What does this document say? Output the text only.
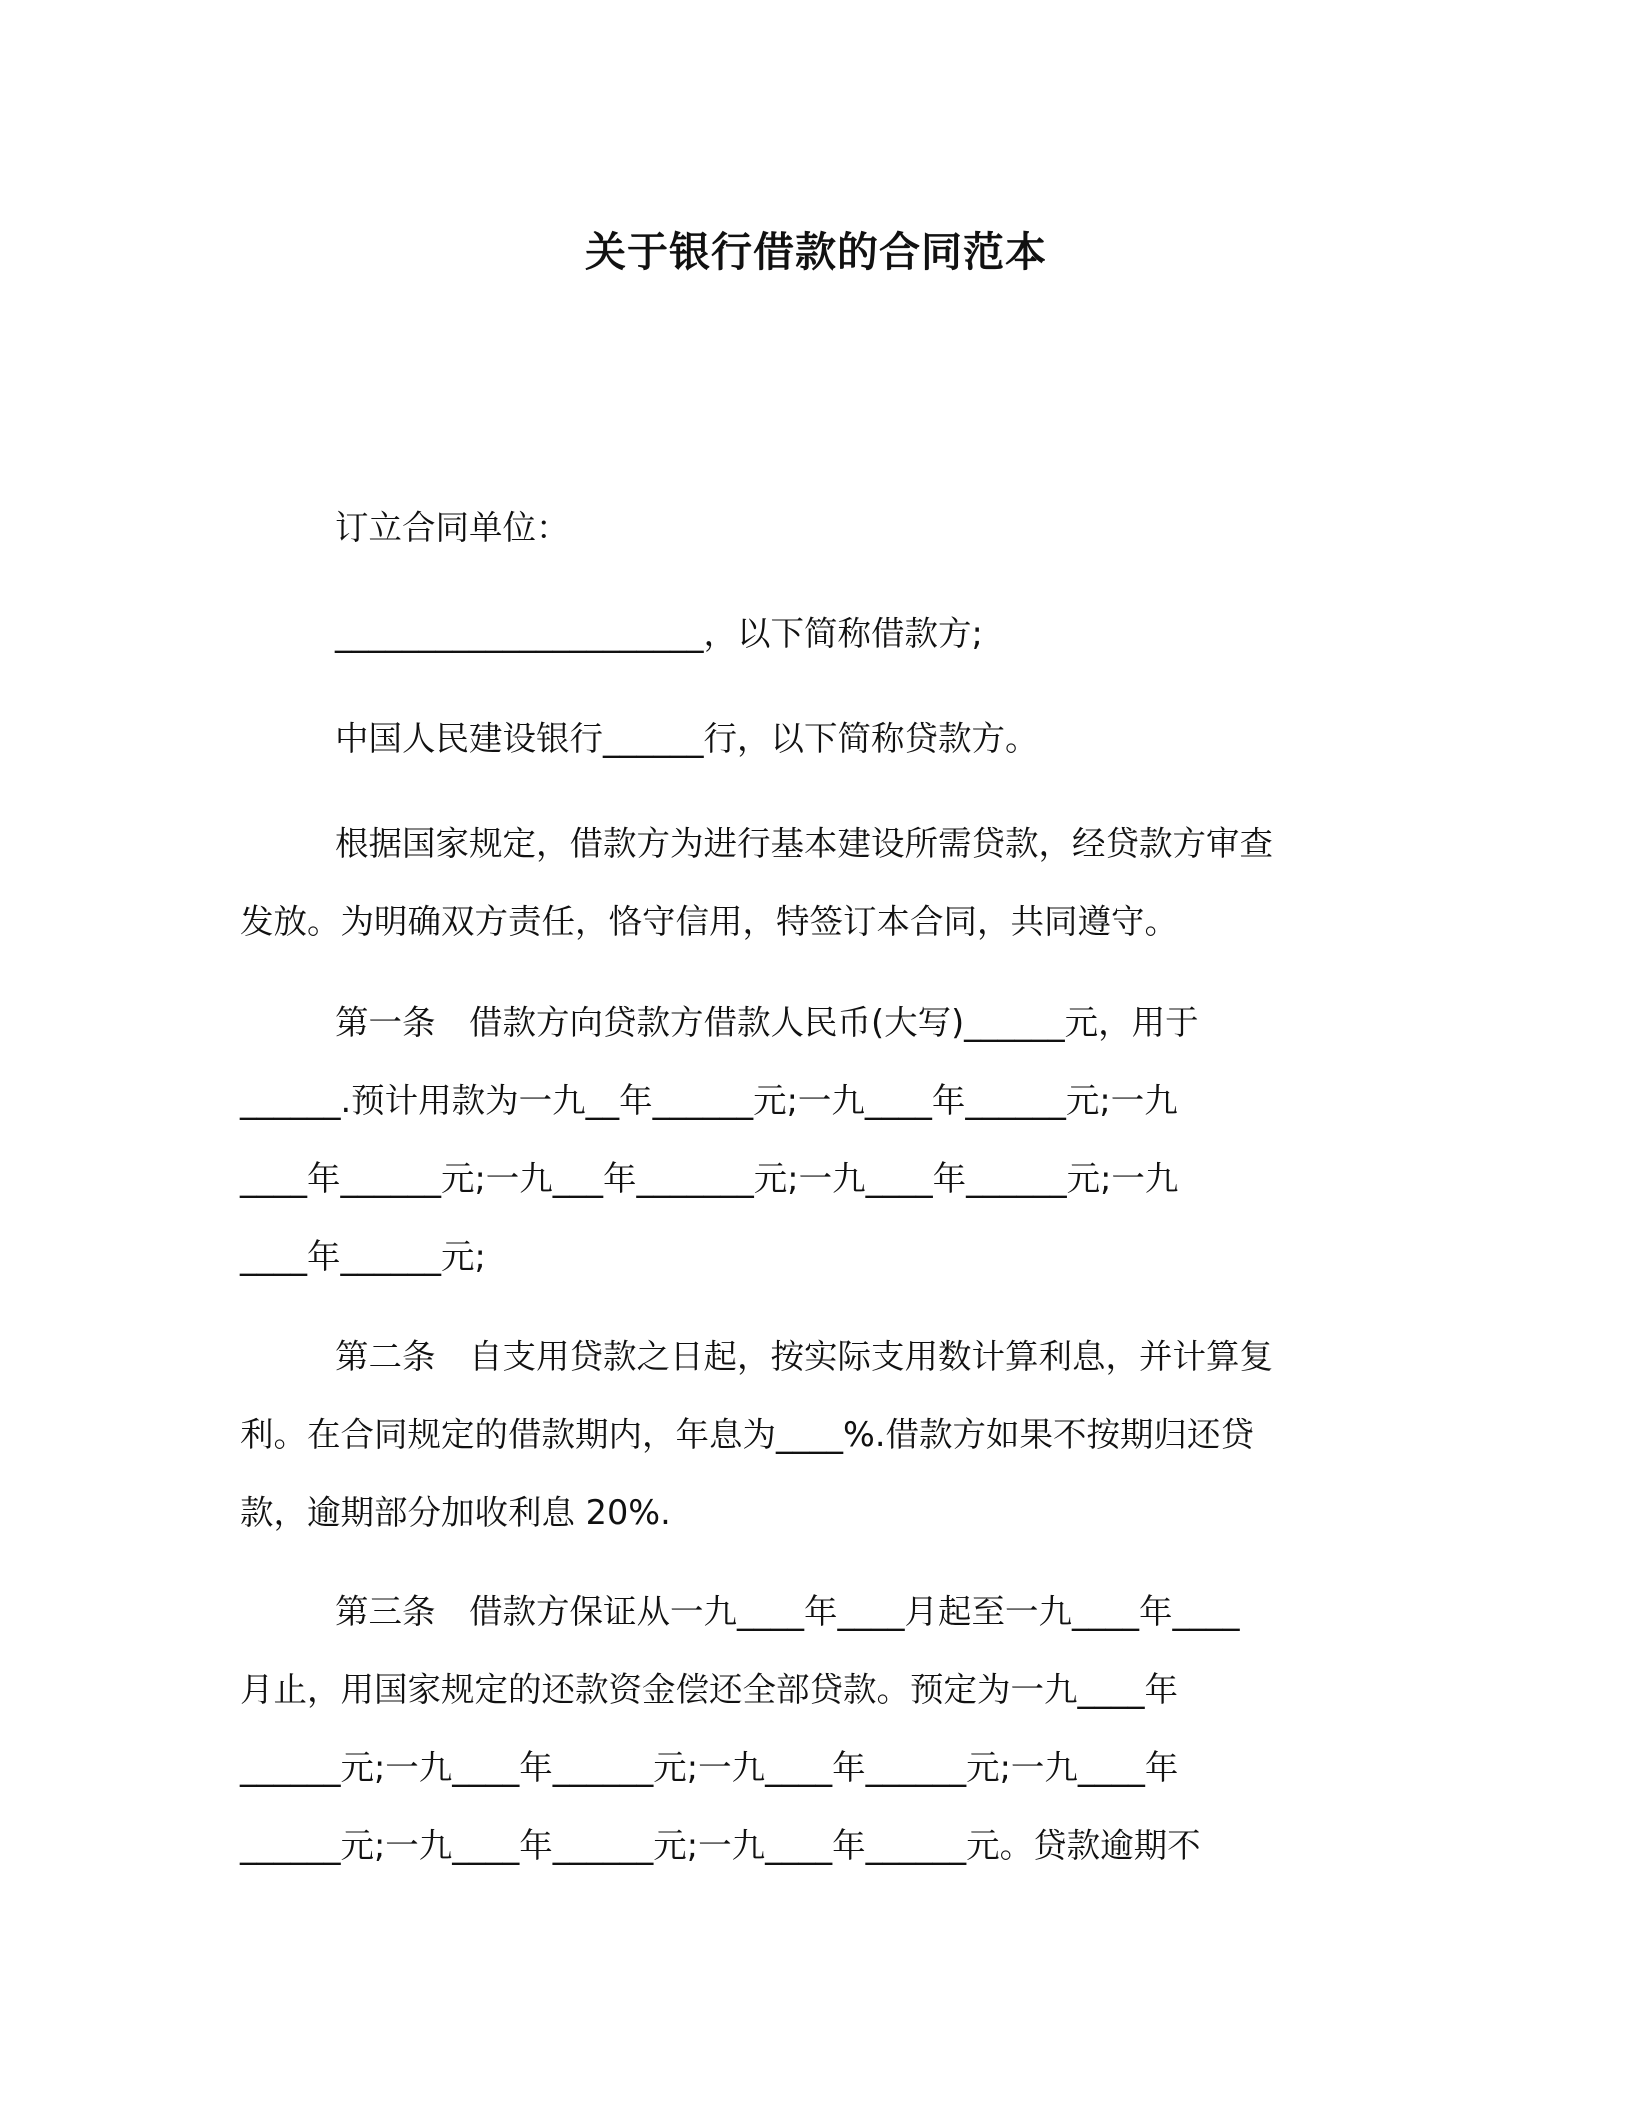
关于银行借款的合同范本
订立合同单位：
______________________，以下简称借款方;
中国人民建设银行______行，以下简称贷款方。
根据国家规定，借款方为进行基本建设所需贷款，经贷款方审查
发放。为明确双方责任，恪守信用，特签订本合同，共同遵守。
第一条　借款方向贷款方借款人民币(大写)______元，用于
______.预计用款为一九__年______元;一九____年______元;一九
____年______元;一九___年_______元;一九____年______元;一九
____年______元;
第二条　自支用贷款之日起，按实际支用数计算利息，并计算复
利。在合同规定的借款期内，年息为____%.借款方如果不按期归还贷
款，逾期部分加收利息 20%.
第三条　借款方保证从一九____年____月起至一九____年____
月止，用国家规定的还款资金偿还全部贷款。预定为一九____年
______元;一九____年______元;一九____年______元;一九____年
______元;一九____年______元;一九____年______元。贷款逾期不
